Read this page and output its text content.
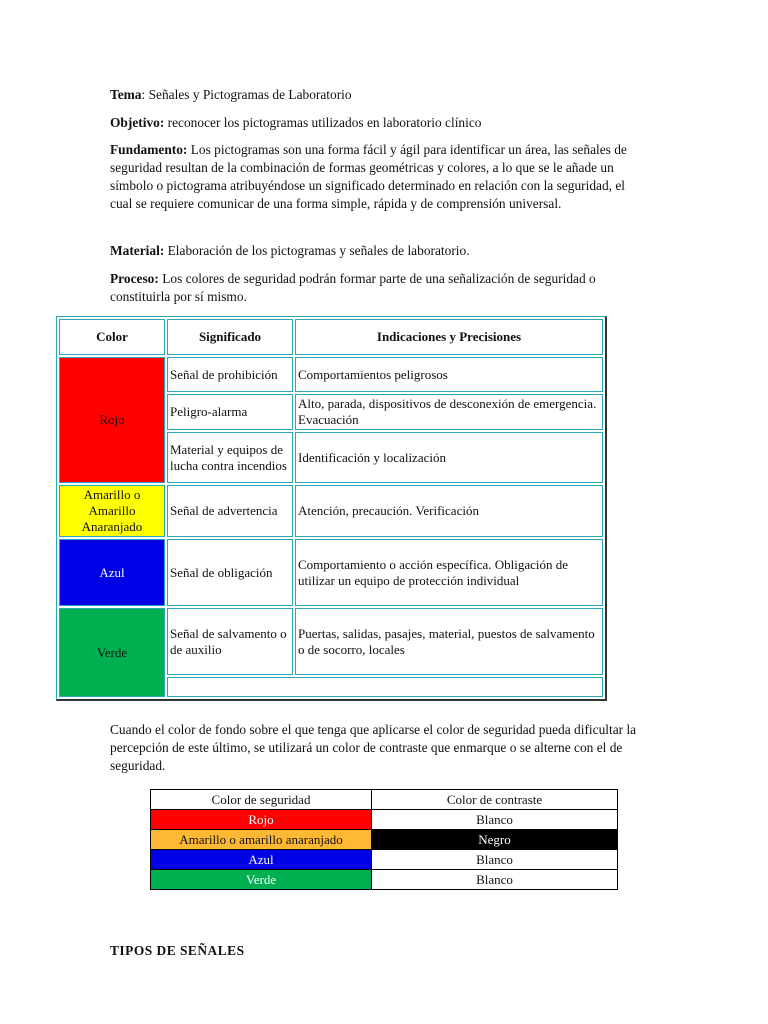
Tema: Señales y Pictogramas de Laboratorio

Objetivo: reconocer los pictogramas utilizados en laboratorio clínico

Fundamento: Los pictogramas son una forma fácil y ágil para identificar un área, las señales de seguridad resultan de la combinación de formas geométricas y colores, a lo que se le añade un símbolo o pictograma atribuyéndose un significado determinado en relación con la seguridad, el cual se requiere comunicar de una forma simple, rápida y de comprensión universal.

Material: Elaboración de los pictogramas y señales de laboratorio.

Proceso: Los colores de seguridad podrán formar parte de una señalización de seguridad o constituirla por sí mismo.

Color	Significado	Indicaciones y Precisiones
Rojo	Señal de prohibición	Comportamientos peligrosos
	Peligro-alarma	Alto, parada, dispositivos de desconexión de emergencia. Evacuación
	Material y equipos de lucha contra incendios	Identificación y localización
Amarillo o Amarillo Anaranjado	Señal de advertencia	Atención, precaución. Verificación
Azul	Señal de obligación	Comportamiento o acción específica. Obligación de utilizar un equipo de protección individual
Verde	Señal de salvamento o de auxilio	Puertas, salidas, pasajes, material, puestos de salvamento o de socorro, locales

Cuando el color de fondo sobre el que tenga que aplicarse el color de seguridad pueda dificultar la percepción de este último, se utilizará un color de contraste que enmarque o se alterne con el de seguridad.

Color de seguridad	Color de contraste
Rojo	Blanco
Amarillo o amarillo anaranjado	Negro
Azul	Blanco
Verde	Blanco
TIPOS DE SEÑALES
